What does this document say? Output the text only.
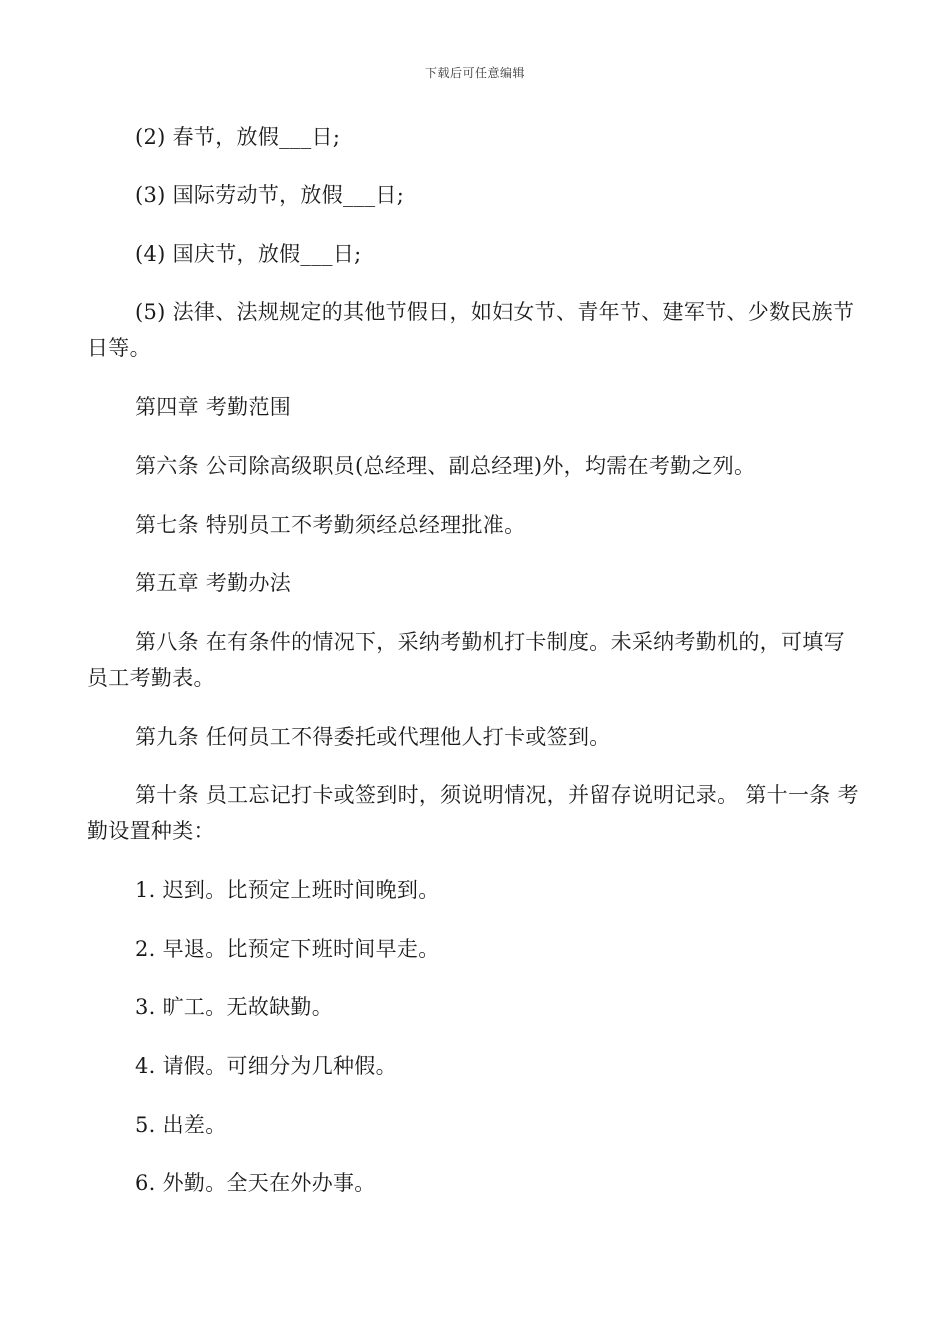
下载后可任意编辑
(2) 春节，放假___日;
(3) 国际劳动节，放假___日;
(4) 国庆节，放假___日;
(5) 法律、法规规定的其他节假日，如妇女节、青年节、建军节、少数民族节日等。
第四章 考勤范围
第六条 公司除高级职员(总经理、副总经理)外，均需在考勤之列。
第七条 特别员工不考勤须经总经理批准。
第五章 考勤办法
第八条 在有条件的情况下，采纳考勤机打卡制度。未采纳考勤机的，可填写员工考勤表。
第九条 任何员工不得委托或代理他人打卡或签到。
第十条 员工忘记打卡或签到时，须说明情况，并留存说明记录。 第十一条 考勤设置种类：
1. 迟到。比预定上班时间晚到。
2. 早退。比预定下班时间早走。
3. 旷工。无故缺勤。
4. 请假。可细分为几种假。
5. 出差。
6. 外勤。全天在外办事。
